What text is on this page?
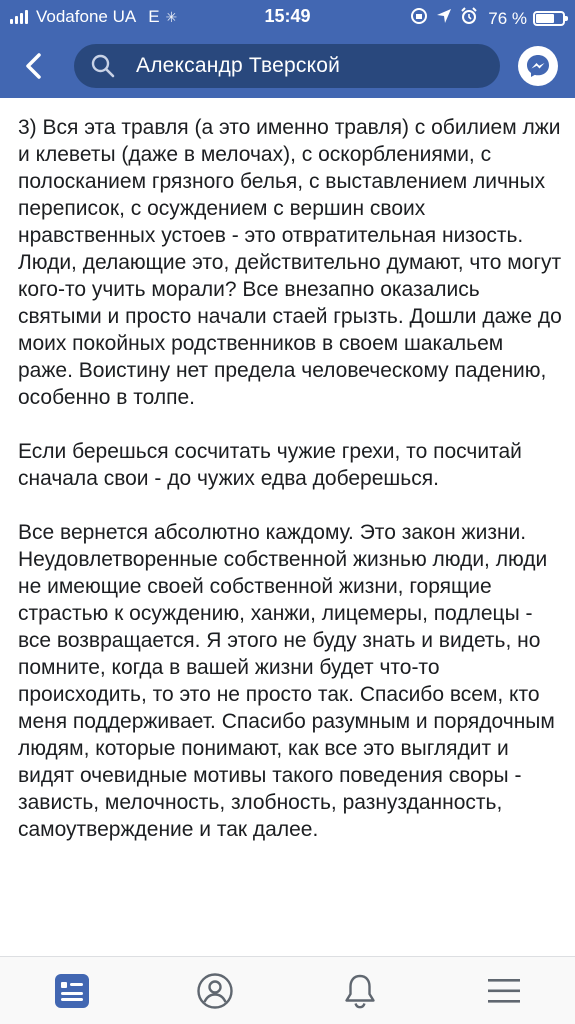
Vodafone UA E ✳	15:49	76 %
Александр Тверской

3) Вся эта травля (а это именно травля) с обилием лжи и клеветы (даже в мелочах), с оскорблениями, с полосканием грязного белья, с выставлением личных переписок, с осуждением с вершин своих нравственных устоев - это отвратительная низость. Люди, делающие это, действительно думают, что могут кого-то учить морали? Все внезапно оказались святыми и просто начали стаей грызть. Дошли даже до моих покойных родственников в своем шакальем раже. Воистину нет предела человеческому падению, особенно в толпе.

Если берешься сосчитать чужие грехи, то посчитай сначала свои - до чужих едва доберешься.

Все вернется абсолютно каждому. Это закон жизни. Неудовлетворенные собственной жизнью люди, люди не имеющие своей собственной жизни, горящие страстью к осуждению, ханжи, лицемеры, подлецы - все возвращается. Я этого не буду знать и видеть, но помните, когда в вашей жизни будет что-то происходить, то это не просто так. Спасибо всем, кто меня поддерживает. Спасибо разумным и порядочным людям, которые понимают, как все это выглядит и видят очевидные мотивы такого поведения своры - зависть, мелочность, злобность, разнузданность, самоутверждение и так далее.
